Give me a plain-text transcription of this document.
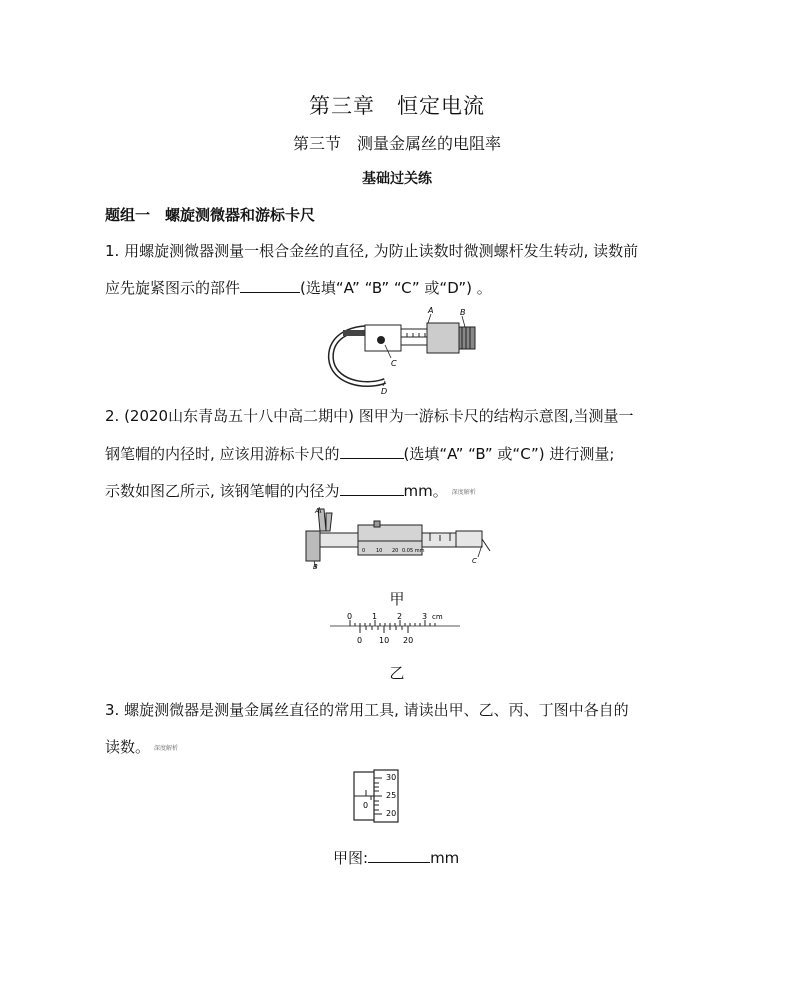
第三章　恒定电流
第三节　测量金属丝的电阻率
基础过关练
题组一　螺旋测微器和游标卡尺
1. 用螺旋测微器测量一根合金丝的直径, 为防止读数时微测螺杆发生转动, 读数前
应先旋紧图示的部件	(选填“A” “B” “C” 或“D”) 。
A	B
C
D
2. (2020山东青岛五十八中高二期中) 图甲为一游标卡尺的结构示意图,当测量一
钢笔帽的内径时, 应该用游标卡尺的	(选填“A” “B” 或“C”) 进行测量;
示数如图乙所示, 该钢笔帽的内径为	mm。 深度解析
A
B
C
0 10 20 0.05 mm
甲
0 1 2 3 cm
0 10 20
乙
3. 螺旋测微器是测量金属丝直径的常用工具, 请读出甲、乙、丙、丁图中各自的
读数。 深度解析
0
30
25
20
甲图:	mm
